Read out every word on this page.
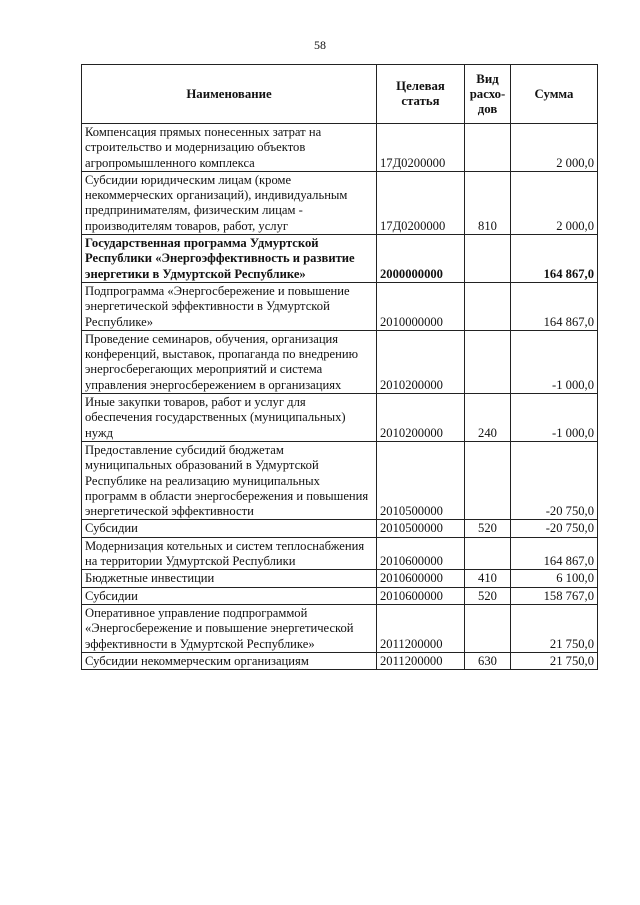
58
Наименование	Целевая статья	Вид расхо-дов	Сумма
Компенсация прямых понесенных затрат на строительство и модернизацию объектов агропромышленного комплекса	17Д0200000		2 000,0
Субсидии юридическим лицам (кроме некоммерческих организаций), индивидуальным предпринимателям, физическим лицам - производителям товаров, работ, услуг	17Д0200000	810	2 000,0
Государственная программа Удмуртской Республики «Энергоэффективность и развитие энергетики в Удмуртской Республике»	2000000000		164 867,0
Подпрограмма «Энергосбережение и повышение энергетической эффективности в Удмуртской Республике»	2010000000		164 867,0
Проведение семинаров, обучения, организация конференций, выставок, пропаганда по внедрению энергосберегающих мероприятий и система управления энергосбережением в организациях	2010200000		-1 000,0
Иные закупки товаров, работ и услуг для обеспечения государственных (муниципальных) нужд	2010200000	240	-1 000,0
Предоставление субсидий бюджетам муниципальных образований в Удмуртской Республике на реализацию муниципальных программ в области энергосбережения и повышения энергетической эффективности	2010500000		-20 750,0
Субсидии	2010500000	520	-20 750,0
Модернизация котельных и систем теплоснабжения на территории Удмуртской Республики	2010600000		164 867,0
Бюджетные инвестиции	2010600000	410	6 100,0
Субсидии	2010600000	520	158 767,0
Оперативное управление подпрограммой «Энергосбережение и повышение энергетической эффективности в Удмуртской Республике»	2011200000		21 750,0
Субсидии некоммерческим организациям	2011200000	630	21 750,0
